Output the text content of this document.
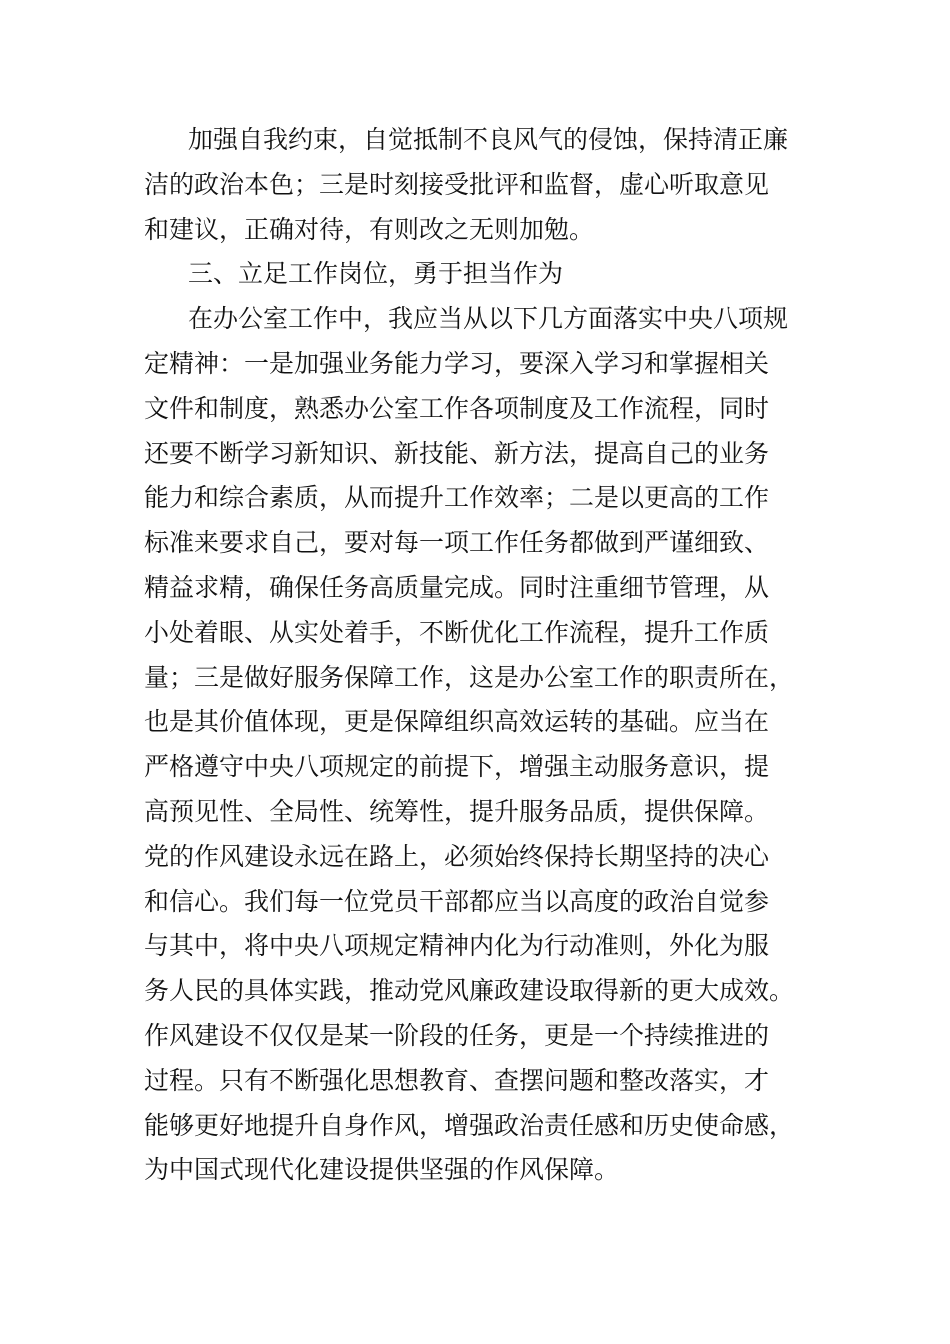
加强自我约束，自觉抵制不良风气的侵蚀，保持清正廉
洁的政治本色；三是时刻接受批评和监督，虚心听取意见
和建议，正确对待，有则改之无则加勉。
三、立足工作岗位，勇于担当作为
在办公室工作中，我应当从以下几方面落实中央八项规
定精神：一是加强业务能力学习，要深入学习和掌握相关
文件和制度，熟悉办公室工作各项制度及工作流程，同时
还要不断学习新知识、新技能、新方法，提高自己的业务
能力和综合素质，从而提升工作效率；二是以更高的工作
标准来要求自己，要对每一项工作任务都做到严谨细致、
精益求精，确保任务高质量完成。同时注重细节管理，从
小处着眼、从实处着手，不断优化工作流程，提升工作质
量；三是做好服务保障工作，这是办公室工作的职责所在，
也是其价值体现，更是保障组织高效运转的基础。应当在
严格遵守中央八项规定的前提下，增强主动服务意识，提
高预见性、全局性、统筹性，提升服务品质，提供保障。
党的作风建设永远在路上，必须始终保持长期坚持的决心
和信心。我们每一位党员干部都应当以高度的政治自觉参
与其中，将中央八项规定精神内化为行动准则，外化为服
务人民的具体实践，推动党风廉政建设取得新的更大成效。
作风建设不仅仅是某一阶段的任务，更是一个持续推进的
过程。只有不断强化思想教育、查摆问题和整改落实，才
能够更好地提升自身作风，增强政治责任感和历史使命感，
为中国式现代化建设提供坚强的作风保障。
